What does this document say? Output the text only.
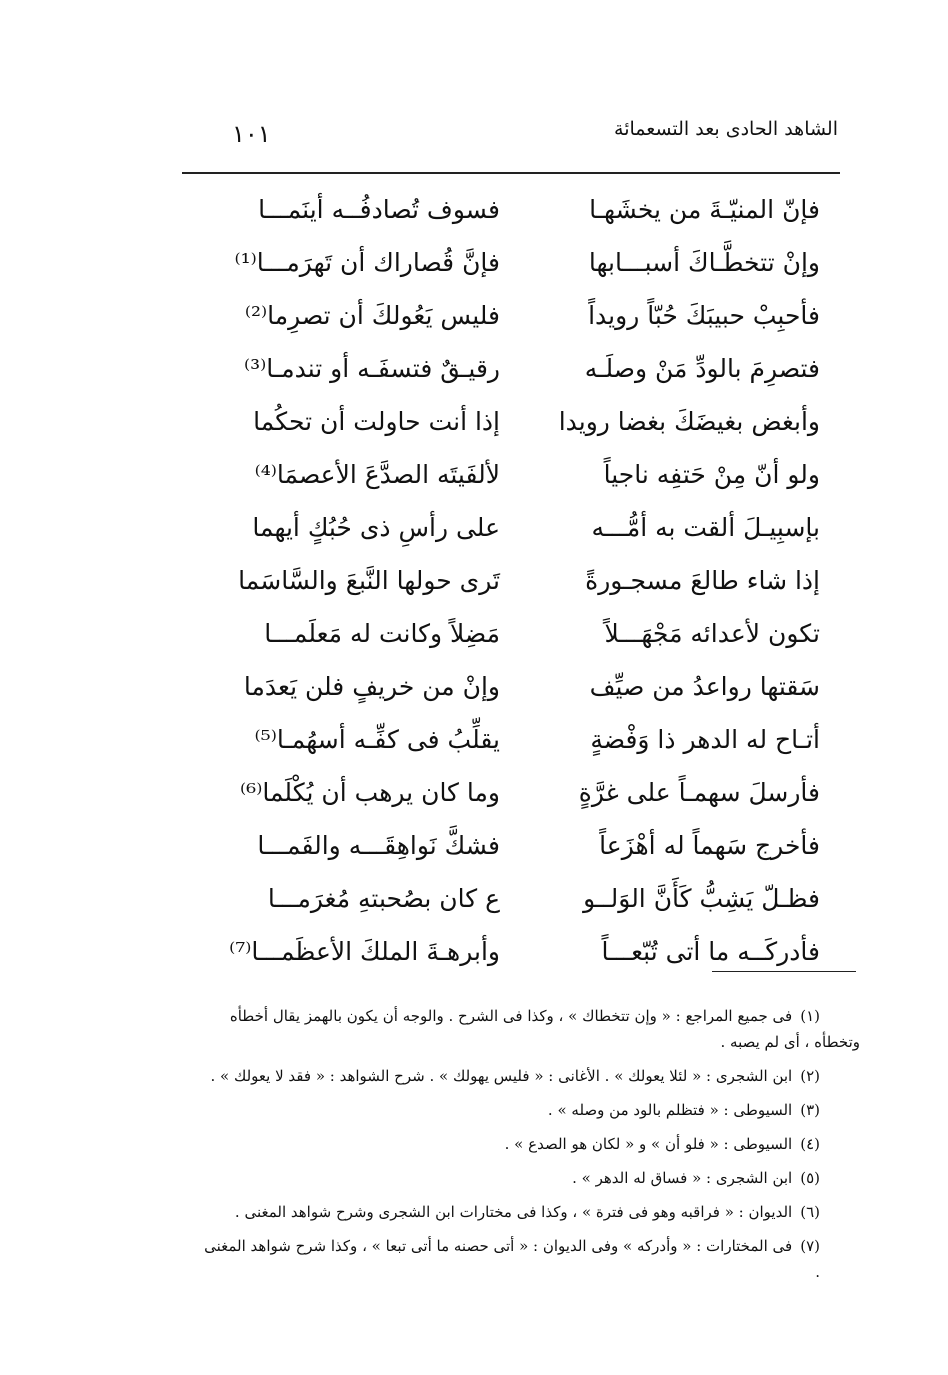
الشاهد الحادى بعد التسعمائة
١٠١
فإنّ المنيّـةَ من يخشَهـا
فسوف تُصادفُــه أينَمـــا
وإنْ تتخطَّـاكَ أسبـــابها
فإنَّ قُصاراك أن تَهرَمـــا⁽¹⁾
فأحبِبْ حبيبَكَ حُبّاً رويداً
فليس يَعُولكَ أن تصرِما⁽²⁾
فتصرِمَ بالودِّ مَنْ وصلَـه
رقيـقٌ فتسفَـه أو تندمـا⁽³⁾
وأبغض بغيضَكَ بغضا رويدا
إذا أنت حاولت أن تحكُما
ولو أنّ مِنْ حَتفِه ناجياً
لألفَيتَه الصدَّعَ الأعصمَا⁽⁴⁾
بإسبِيـلَ ألقت به أمُّـــه
على رأسِ ذى حُبُكٍ أيهما
إذا شاء طالعَ مسجـورةً
تَرى حولها النَّبعَ والسَّاسَما
تكون لأعدائه مَجْهَـــلاً
مَضِلاً وكانت له مَعلَمـــا
سَقتها رواعدُ من صيِّف
وإنْ من خريفٍ فلن يَعدَما
أتـاح له الدهر ذا وَفْضةٍ
يقلِّبُ فى كفِّـه أسهُمـا⁽⁵⁾
فأرسلَ سهمـاً على غرَّةٍ
وما كان يرهب أن يُكْلَما⁽⁶⁾
فأخرج سَهماً له أهْزَعاً
فشكَّ نَواهِقَـــه والفَمـــا
فظـلّ يَشِبُّ كَأَنَّ الوَلــو
ع كان بصُحبتهِ مُغرَمـــا
فأدركَــه ما أتى تُبّعـــاً
وأبرهـةَ الملكَ الأعظَمـــا⁽⁷⁾
(١)فى جميع المراجع : « وإن تتخطاك » ، وكذا فى الشرح . والوجه أن يكون بالهمز يقال أخطأه
وتخطأه ، أى لم يصبه .
(٢)ابن الشجرى : « لئلا يعولك » . الأغانى : « فليس يهولك » . شرح الشواهد : « فقد لا يعولك » .
(٣)السيوطى : « فتظلم بالود من وصله » .
(٤)السيوطى : « فلو أن » و « لكان هو الصدع » .
(٥)ابن الشجرى : « فساق له الدهر » .
(٦)الديوان : « فراقبه وهو فى فترة » ، وكذا فى مختارات ابن الشجرى وشرح شواهد المغنى .
(٧)فى المختارات : « وأدركه » وفى الديوان : « أتى حصنه ما أتى تبعا » ، وكذا شرح شواهد المغنى .
